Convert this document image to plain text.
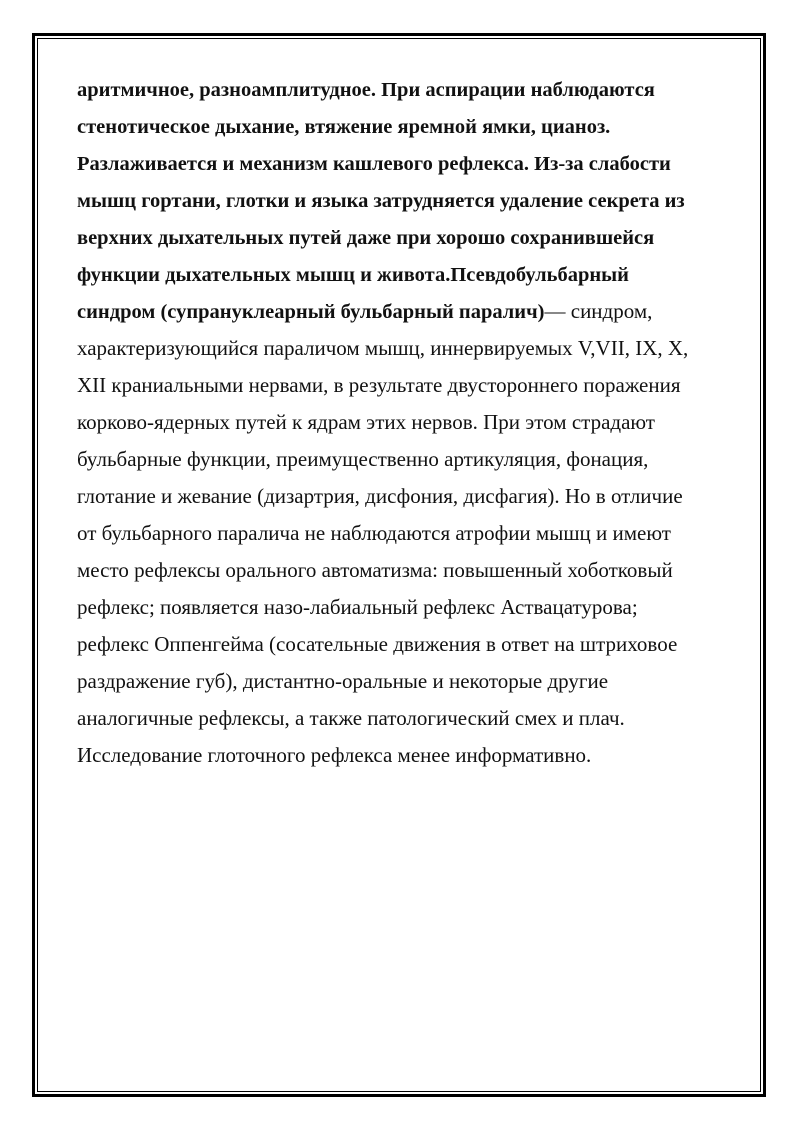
аритмичное, разноамплитудное. При аспирации наблюдаются
стенотическое дыхание, втяжение яремной ямки, цианоз.
Разлаживается и механизм кашлевого рефлекса. Из-за слабости
мышц гортани, глотки и языка затрудняется удаление секрета из
верхних дыхательных путей даже при хорошо сохранившейся
функции дыхательных мышц и живота.Псевдобульбарный
синдром (супрануклеарный бульбарный паралич)— синдром,
характеризующийся параличом мышц, иннервируемых V,VII, IX, X,
XII краниальными нервами, в результате двустороннего поражения
корково-ядерных путей к ядрам этих нервов. При этом страдают
бульбарные функции, преимущественно артикуляция, фонация,
глотание и жевание (дизартрия, дисфония, дисфагия). Но в отличие
от бульбарного паралича не наблюдаются атрофии мышц и имеют
место рефлексы орального автоматизма: повышенный хоботковый
рефлекс; появляется назо-лабиальный рефлекс Аствацатурова;
рефлекс Оппенгейма (сосательные движения в ответ на штриховое
раздражение губ), дистантно-оральные и некоторые другие
аналогичные рефлексы, а также патологический смех и плач.
Исследование глоточного рефлекса менее информативно.
